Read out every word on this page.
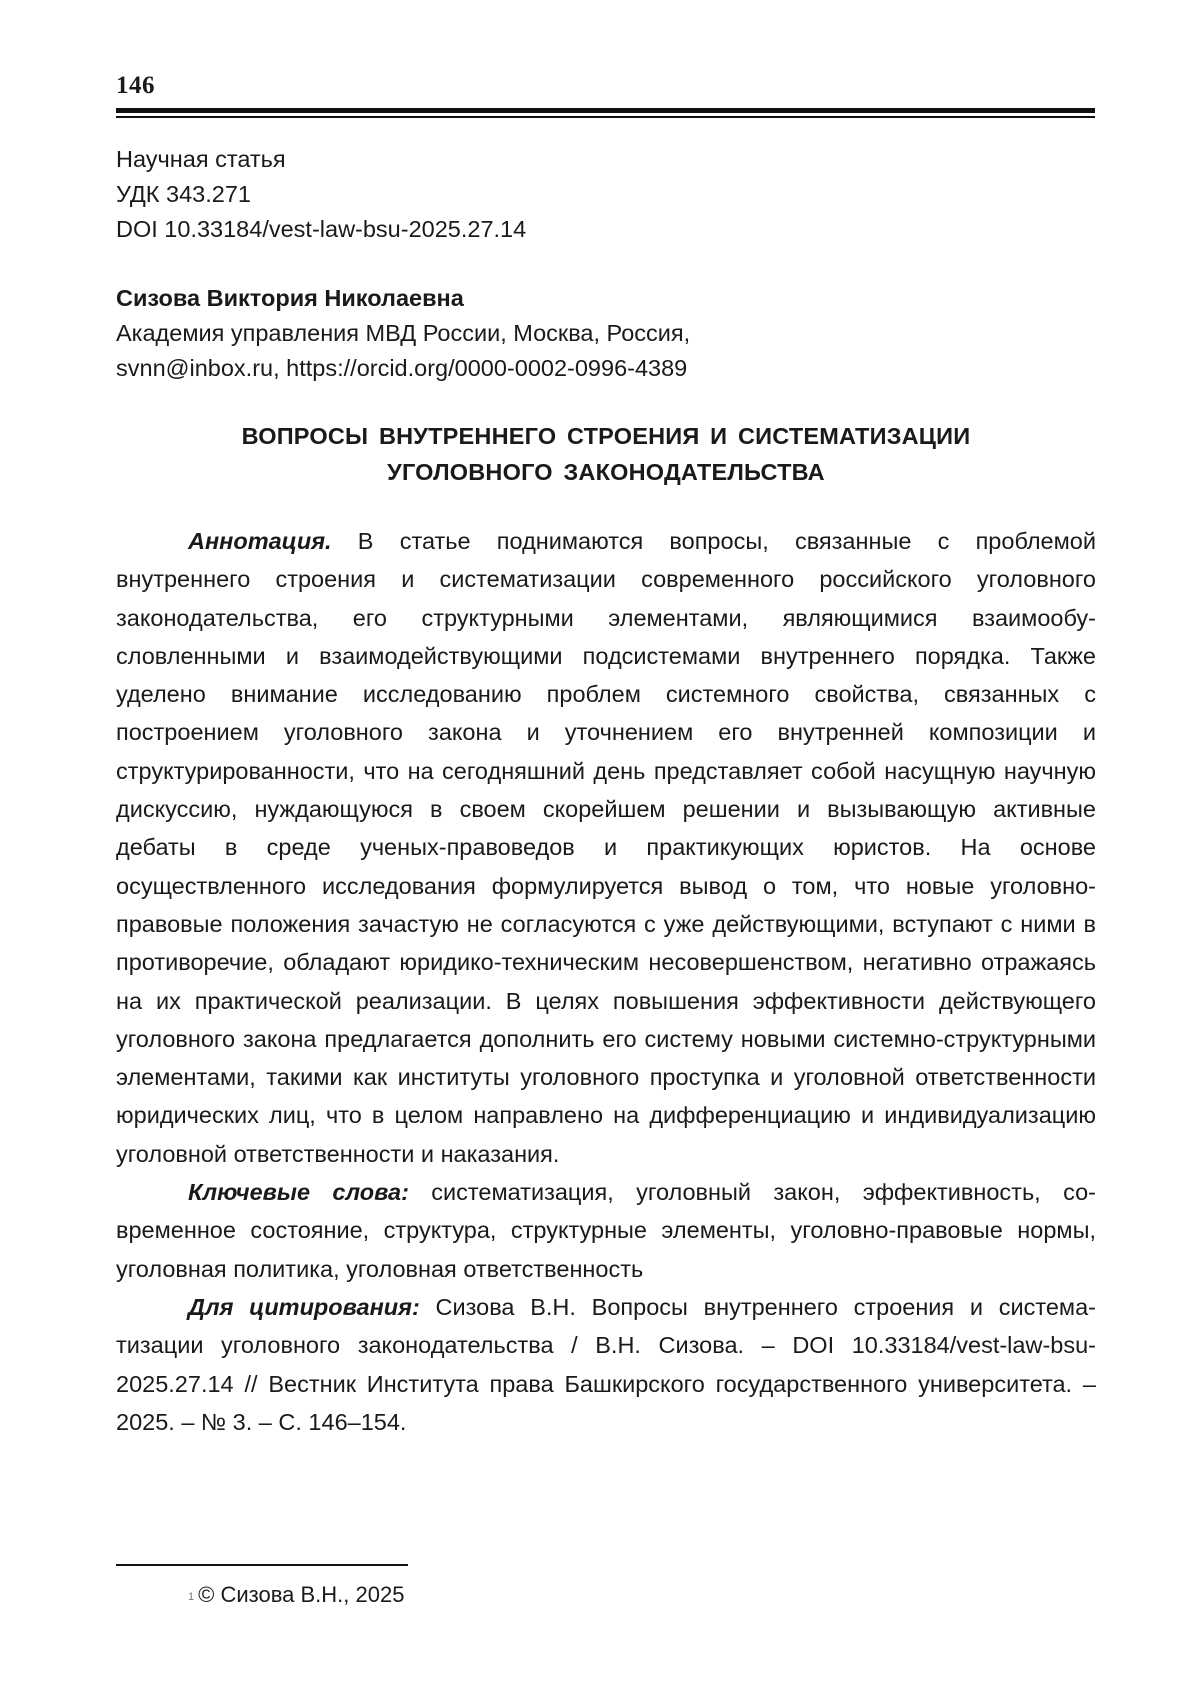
146
Научная статья
УДК 343.271
DOI 10.33184/vest-law-bsu-2025.27.14
Сизова Виктория Николаевна
Академия управления МВД России, Москва, Россия,
svnn@inbox.ru, https://orcid.org/0000-0002-0996-4389
ВОПРОСЫ ВНУТРЕННЕГО СТРОЕНИЯ И СИСТЕМАТИЗАЦИИ
УГОЛОВНОГО ЗАКОНОДАТЕЛЬСТВА

Аннотация. В статье поднимаются вопросы, связанные с проблемой внутреннего строения и систематизации современного российского уголовного законодательства, его структурными элементами, являющимися взаимообусловленными и взаимодействующими подсистемами внутреннего порядка. Также уделено внимание исследованию проблем системного свойства, связанных с построением уголовного закона и уточнением его внутренней композиции и структурированности, что на сегодняшний день представляет собой насущную научную дискуссию, нуждающуюся в своем скорейшем решении и вызывающую активные дебаты в среде ученых-правоведов и практикующих юристов. На основе осуществленного исследования формулируется вывод о том, что новые уголовно-правовые положения зачастую не согласуются с уже действующими, вступают с ними в противоречие, обладают юридико-техническим несовершенством, негативно отражаясь на их практической реализации. В целях повышения эффективности действующего уголовного закона предлагается дополнить его систему новыми системно-структурными элементами, такими как институты уголовного проступка и уголовной ответственности юридических лиц, что в целом направлено на дифференциацию и индивидуализацию уголовной ответственности и наказания.

Ключевые слова: систематизация, уголовный закон, эффективность, современное состояние, структура, структурные элементы, уголовно-правовые нормы, уголовная политика, уголовная ответственность

Для цитирования: Сизова В.Н. Вопросы внутреннего строения и систематизации уголовного законодательства / В.Н. Сизова. – DOI 10.33184/vest-law-bsu-2025.27.14 // Вестник Института права Башкирского государственного университета. – 2025. – № 3. – С. 146–154.

$^1$ © Сизова В.Н., 2025
